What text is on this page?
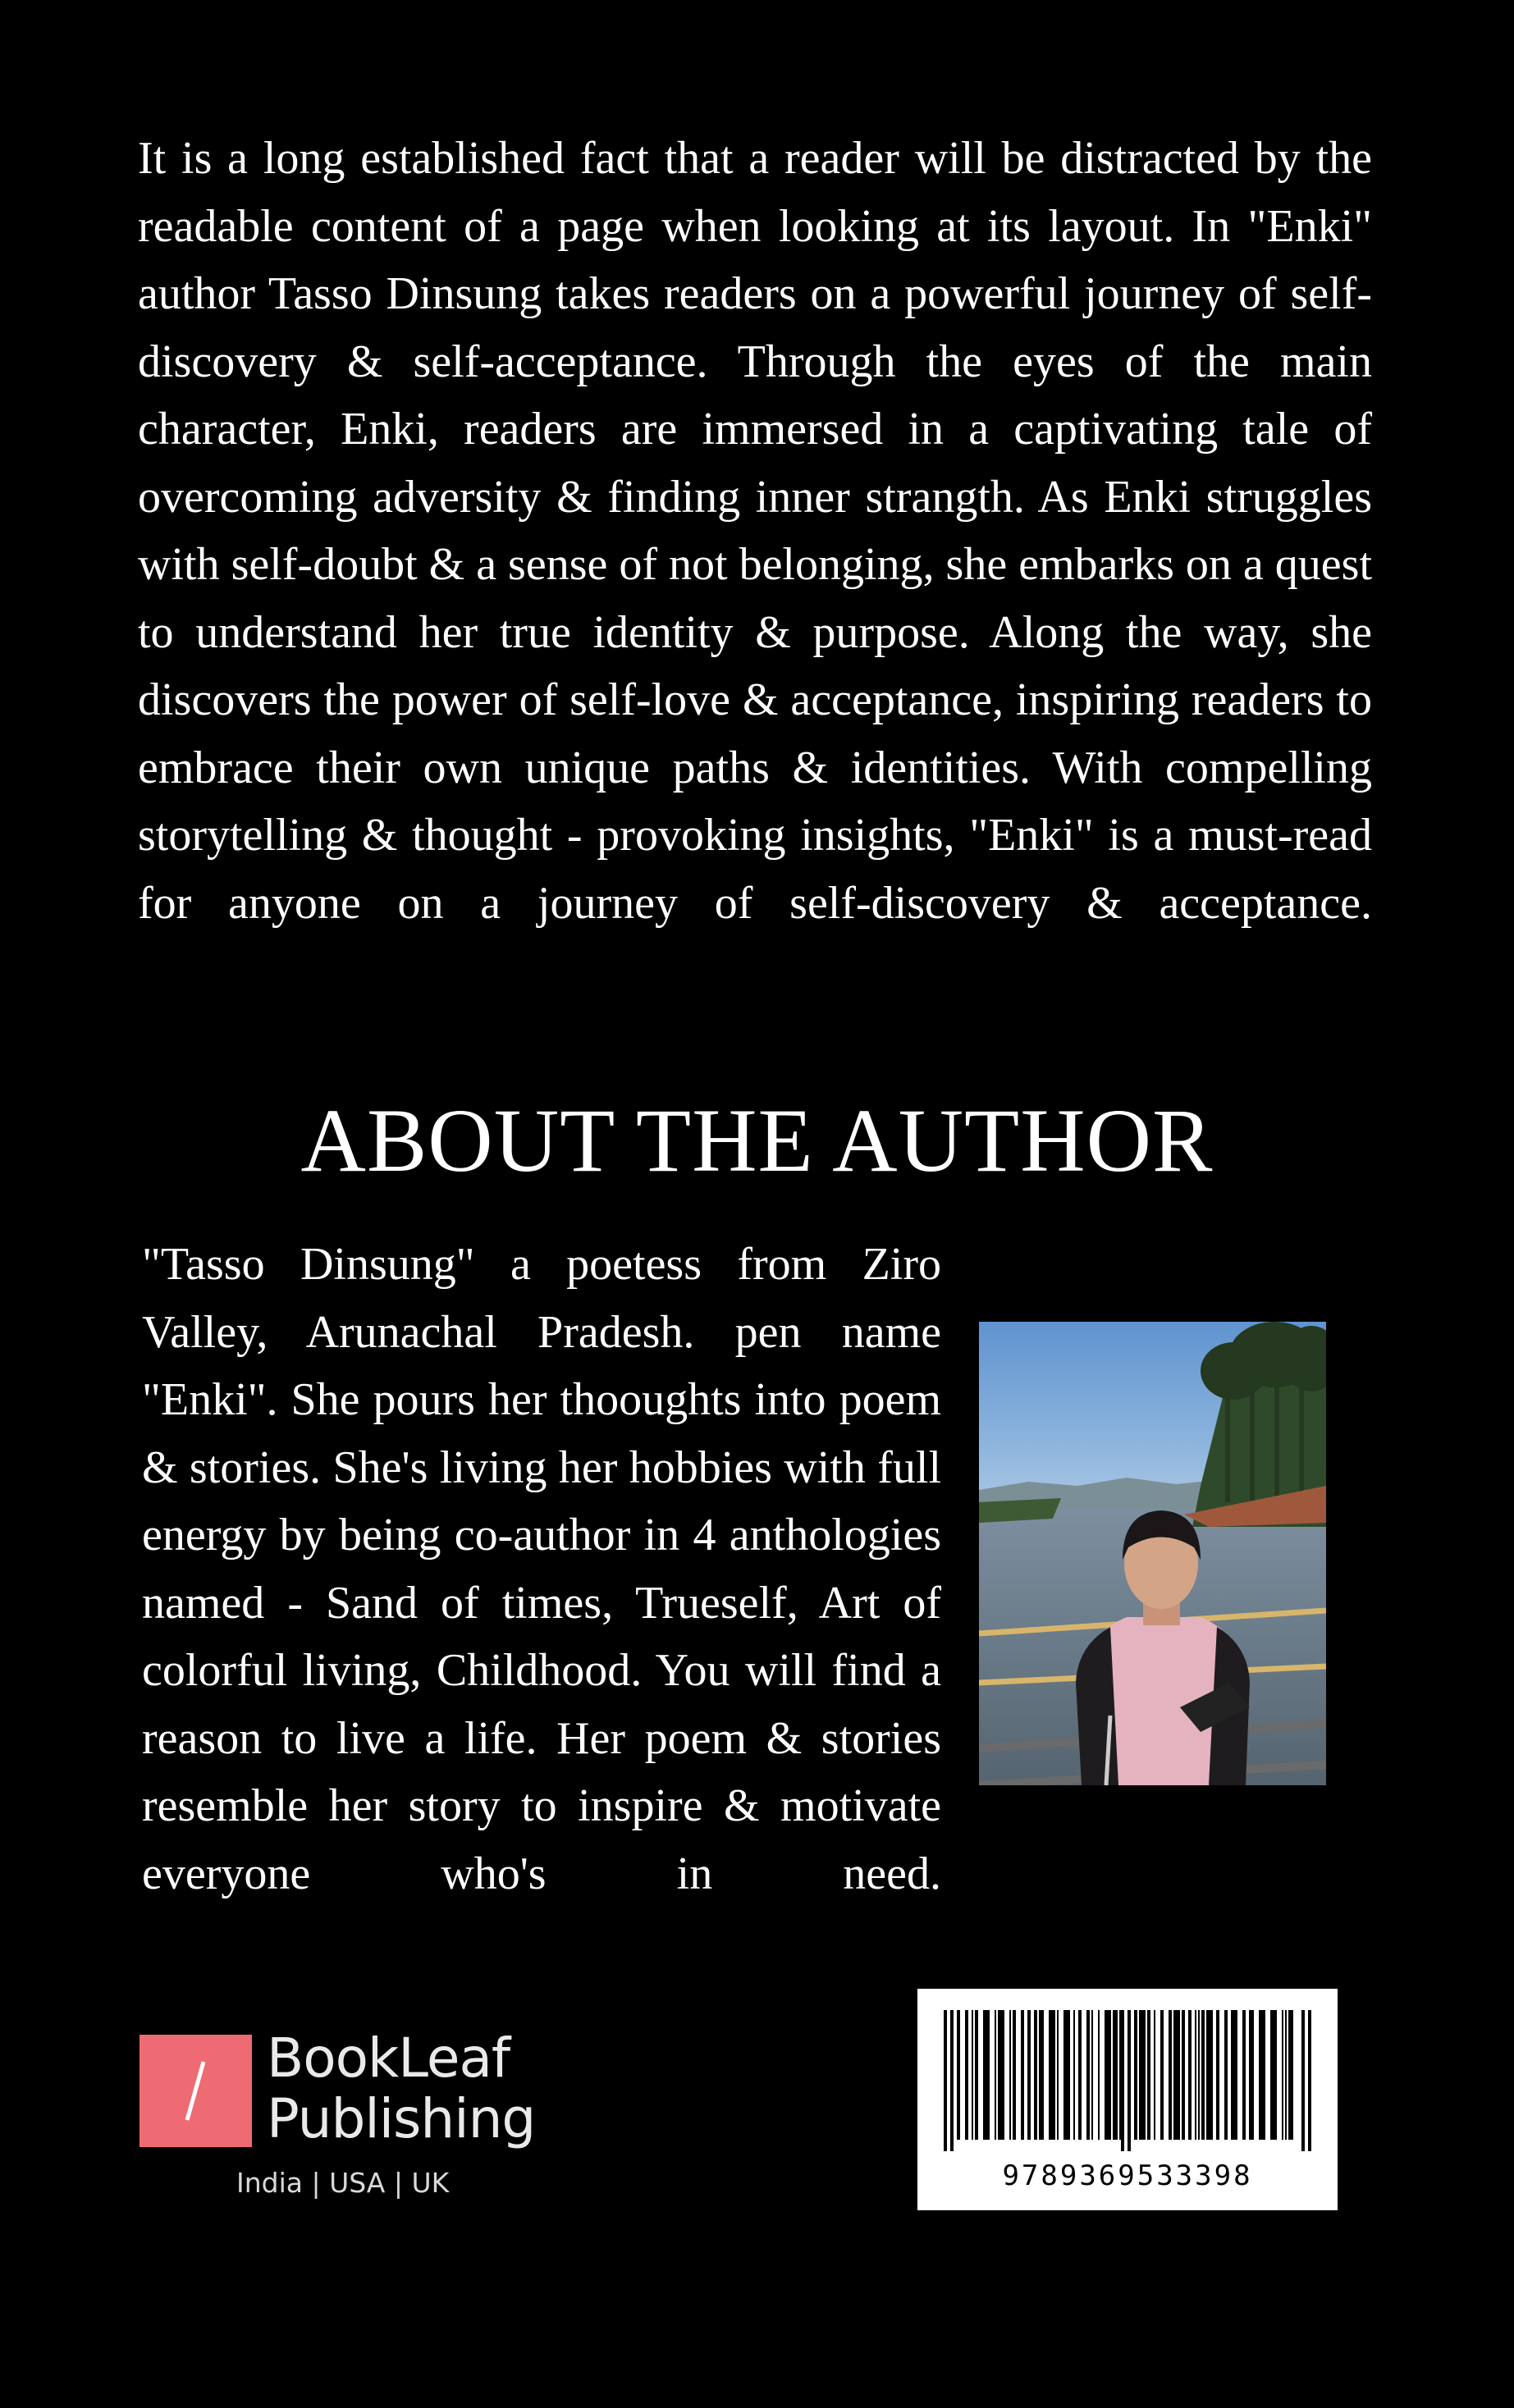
It is a long established fact that a reader will be distracted by the readable content of a page when looking at its layout. In "Enki" author Tasso Dinsung takes readers on a powerful journey of self-discovery & self-acceptance. Through the eyes of the main character, Enki, readers are immersed in a captivating tale of overcoming adversity & finding inner strangth. As Enki struggles with self-doubt & a sense of not belonging, she embarks on a quest to understand her true identity & purpose. Along the way, she discovers the power of self-love & acceptance, inspiring readers to embrace their own unique paths & identities. With compelling storytelling & thought - provoking insights, "Enki" is a must-read for anyone on a journey of self-discovery & acceptance.

ABOUT THE AUTHOR

"Tasso Dinsung" a poetess from Ziro Valley, Arunachal Pradesh. pen name "Enki". She pours her thooughts into poem & stories. She's living her hobbies with full energy by being co-author in 4 anthologies named - Sand of times, Trueself, Art of colorful living, Childhood. You will find a reason to live a life. Her poem & stories resemble her story to inspire & motivate everyone who's in need.

BookLeaf
Publishing
India | USA | UK	9789369533398
